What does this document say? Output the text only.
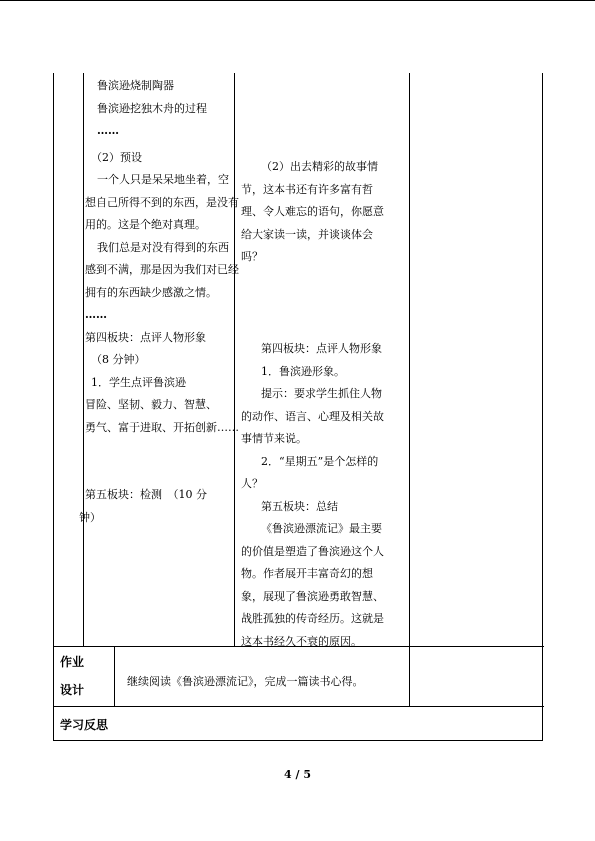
鲁滨逊烧制陶器

鲁滨逊挖独木舟的过程

……

（2）预设

一个人只是呆呆地坐着，空

想自己所得不到的东西，是没有

用的。这是个绝对真理。

我们总是对没有得到的东西

感到不满，那是因为我们对已经

拥有的东西缺少感激之情。

……

第四板块：点评人物形象

（8 分钟）

1．学生点评鲁滨逊

冒险、坚韧、毅力、智慧、

勇气、富于进取、开拓创新……

第五板块：检测　（10 分

钟）

（2）出去精彩的故事情

节，这本书还有许多富有哲

理、令人难忘的语句，你愿意

给大家读一读，并谈谈体会

吗？

第四板块：点评人物形象

1．鲁滨逊形象。

提示：要求学生抓住人物

的动作、语言、心理及相关故

事情节来说。

2．“星期五”是个怎样的

人？

第五板块：总结

《鲁滨逊漂流记》最主要

的价值是塑造了鲁滨逊这个人

物。作者展开丰富奇幻的想

象，展现了鲁滨逊勇敢智慧、

战胜孤独的传奇经历。这就是

这本书经久不衰的原因。

作业
设计
继续阅读《鲁滨逊漂流记》，完成一篇读书心得。
学习反思
4 / 5
